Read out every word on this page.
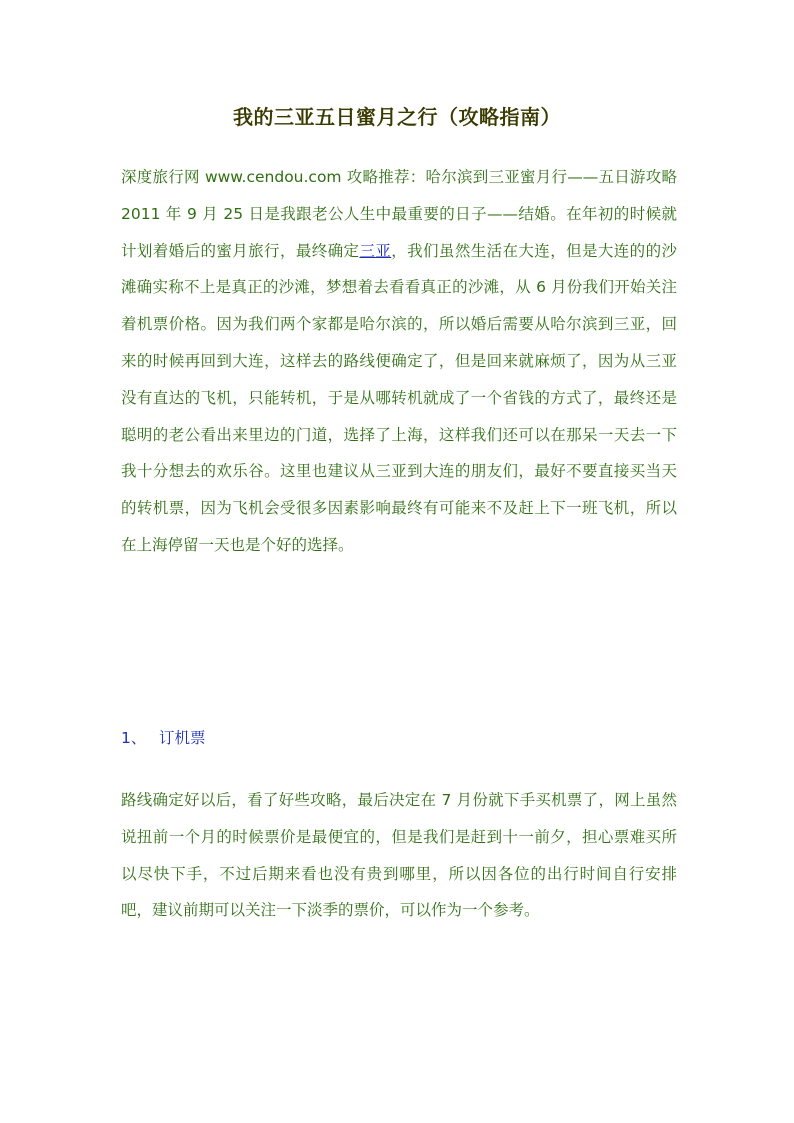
我的三亚五日蜜月之行（攻略指南）
深度旅行网 www.cendou.com 攻略推荐：哈尔滨到三亚蜜月行——五日游攻略 2011 年 9 月 25 日是我跟老公人生中最重要的日子——结婚。在年初的时候就计划着婚后的蜜月旅行，最终确定三亚，我们虽然生活在大连，但是大连的的沙滩确实称不上是真正的沙滩，梦想着去看看真正的沙滩，从 6 月份我们开始关注着机票价格。因为我们两个家都是哈尔滨的，所以婚后需要从哈尔滨到三亚，回来的时候再回到大连，这样去的路线便确定了，但是回来就麻烦了，因为从三亚没有直达的飞机，只能转机，于是从哪转机就成了一个省钱的方式了，最终还是聪明的老公看出来里边的门道，选择了上海，这样我们还可以在那呆一天去一下我十分想去的欢乐谷。这里也建议从三亚到大连的朋友们，最好不要直接买当天的转机票，因为飞机会受很多因素影响最终有可能来不及赶上下一班飞机，所以在上海停留一天也是个好的选择。
1、 订机票
路线确定好以后，看了好些攻略，最后决定在 7 月份就下手买机票了，网上虽然说扭前一个月的时候票价是最便宜的，但是我们是赶到十一前夕，担心票难买所以尽快下手，不过后期来看也没有贵到哪里，所以因各位的出行时间自行安排吧，建议前期可以关注一下淡季的票价，可以作为一个参考。
